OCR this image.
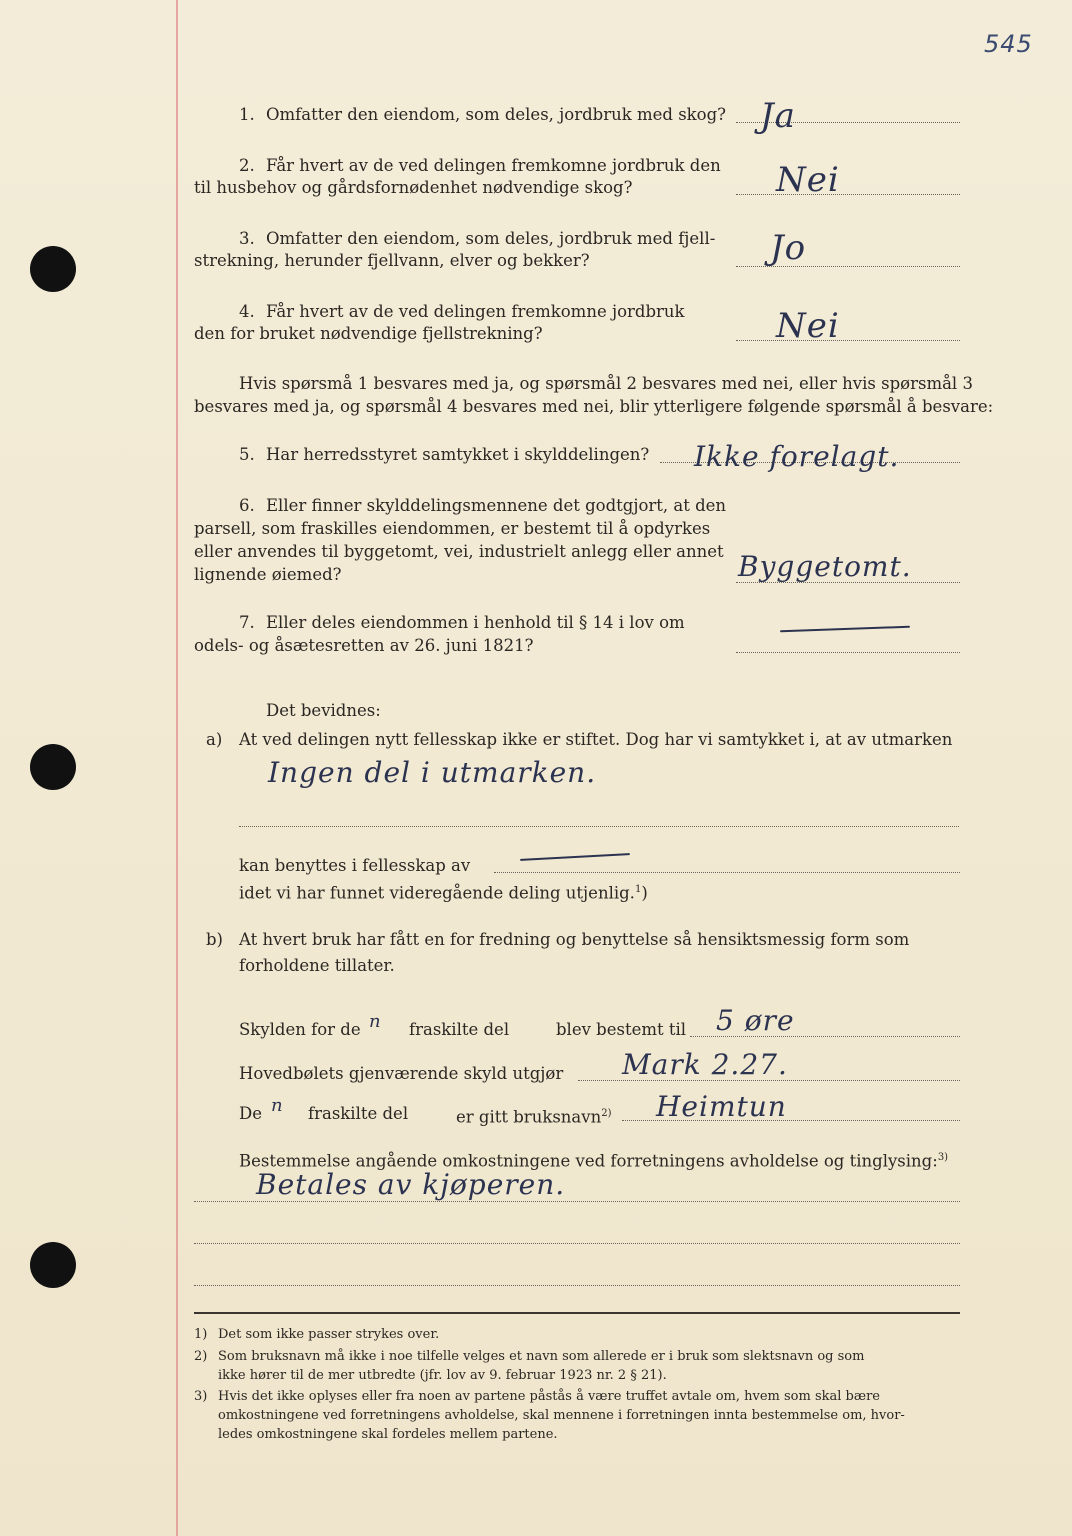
545
1. Omfatter den eiendom, som deles, jordbruk med skog? Ja
2. Får hvert av de ved delingen fremkomne jordbruk den
til husbehov og gårdsfornødenhet nødvendige skog?	Nei
3. Omfatter den eiendom, som deles, jordbruk med fjell-
strekning, herunder fjellvann, elver og bekker?	Jo
4. Får hvert av de ved delingen fremkomne jordbruk
den for bruket nødvendige fjellstrekning?	Nei
Hvis spørsmå 1 besvares med ja, og spørsmål 2 besvares med nei, eller hvis spørsmål 3
besvares med ja, og spørsmål 4 besvares med nei, blir ytterligere følgende spørsmål å besvare:
5. Har herredsstyret samtykket i skylddelingen? Ikke forelagt.
6. Eller finner skylddelingsmennene det godtgjort, at den
parsell, som fraskilles eiendommen, er bestemt til å opdyrkes
eller anvendes til byggetomt, vei, industrielt anlegg eller annet
lignende øiemed?	Byggetomt.
7. Eller deles eiendommen i henhold til § 14 i lov om
odels- og åsætesretten av 26. juni 1821?
Det bevidnes:
a) At ved delingen nytt fellesskap ikke er stiftet. Dog har vi samtykket i, at av utmarken
Ingen del i utmarken.
kan benyttes i fellesskap av
idet vi har funnet videregående deling utjenlig.$^1$)
b) At hvert bruk har fått en for fredning og benyttelse så hensiktsmessig form som
forholdene tillater.
Skylden for de n fraskilte del	blev bestemt til 5 øre
Hovedbølets gjenværende skyld utgjør Mark 2.27.
De n fraskilte del	er gitt bruksnavn$^{2)}$ Heimtun
Bestemmelse angående omkostningene ved forretningens avholdelse og tinglysing:$^{3)}$
Betales av kjøperen.
1) Det som ikke passer strykes over.
2) Som bruksnavn må ikke i noe tilfelle velges et navn som allerede er i bruk som slektsnavn og som
ikke hører til de mer utbredte (jfr. lov av 9. februar 1923 nr. 2 § 21).
3) Hvis det ikke oplyses eller fra noen av partene påstås å være truffet avtale om, hvem som skal bære
omkostningene ved forretningens avholdelse, skal mennene i forretningen innta bestemmelse om, hvor-
ledes omkostningene skal fordeles mellem partene.
